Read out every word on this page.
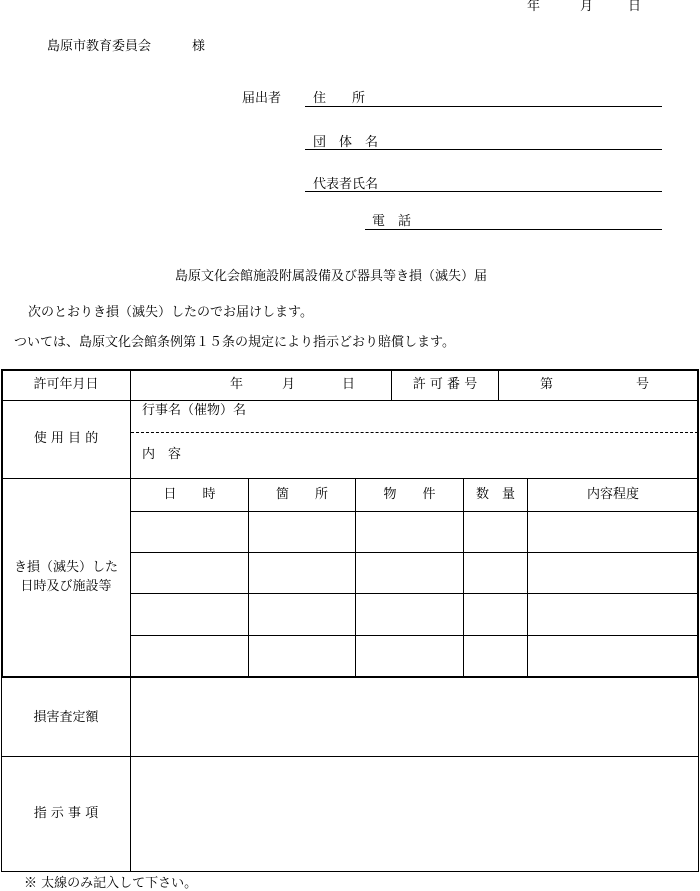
年	月	日
島原市教育委員会	様
届出者 住　　所
団　体　名
代表者氏名
電　話
島原文化会館施設附属設備及び器具等き損（滅失）届
次のとおりき損（滅失）したのでお届けします。
ついては、島原文化会館条例第１５条の規定により指示どおり賠償します。
許可年月日	年	月	日	許 可 番 号	第	号
使 用 目 的
行事名（催物）名
内　容
き損（滅失）した
日時及び施設等
日　　時	箇　　所	物　　件	数　量	内容程度
損害査定額
指 示 事 項
※ 太線のみ記入して下さい。
